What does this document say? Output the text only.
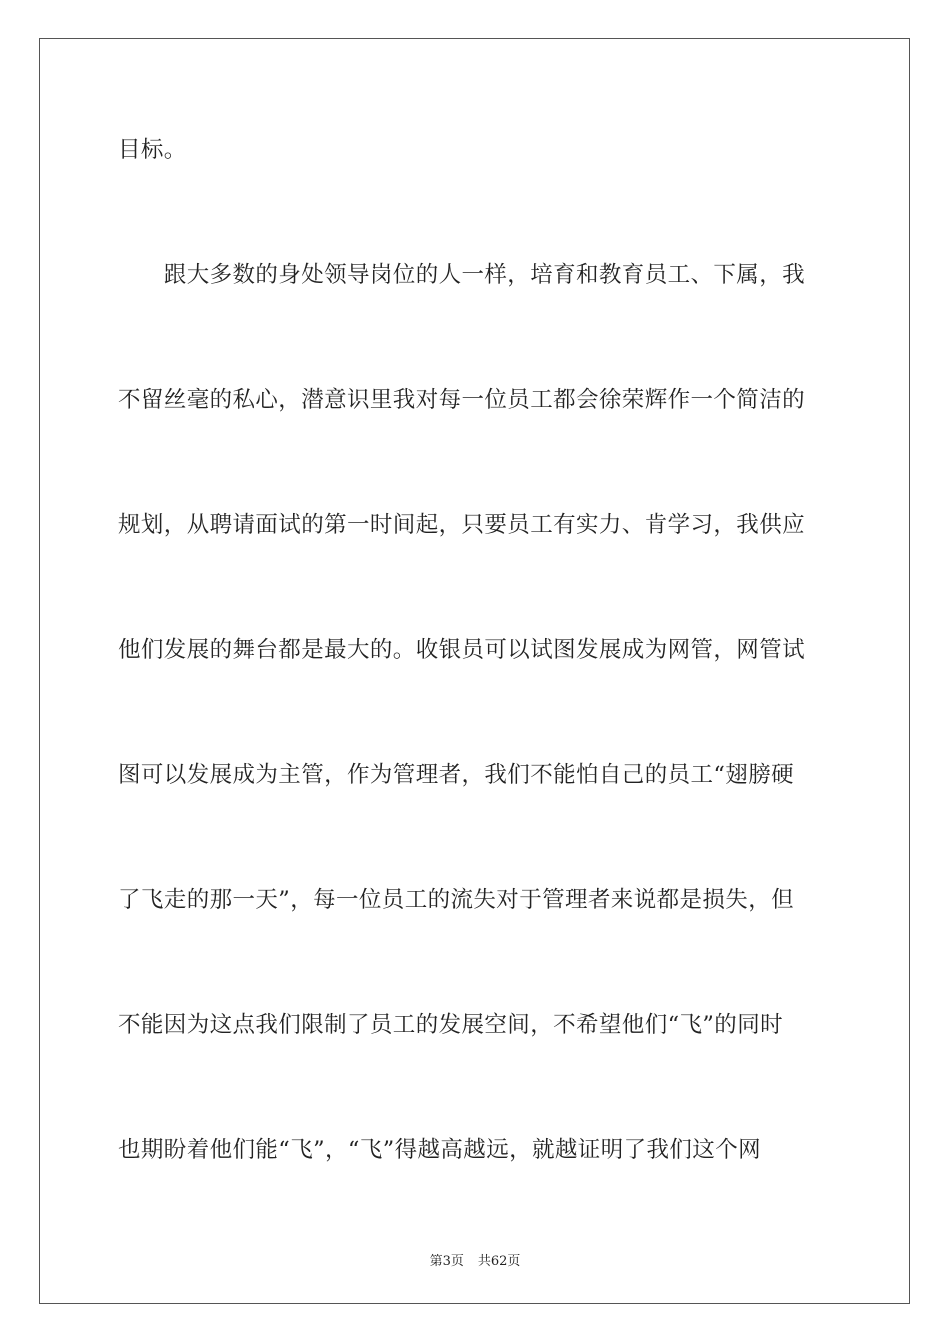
目标。
　　跟大多数的身处领导岗位的人一样，培育和教育员工、下属，我
不留丝毫的私心，潜意识里我对每一位员工都会徐荣辉作一个简洁的
规划，从聘请面试的第一时间起，只要员工有实力、肯学习，我供应
他们发展的舞台都是最大的。收银员可以试图发展成为网管，网管试
图可以发展成为主管，作为管理者，我们不能怕自己的员工“翅膀硬
了飞走的那一天”，每一位员工的流失对于管理者来说都是损失，但
不能因为这点我们限制了员工的发展空间，不希望他们“飞”的同时
也期盼着他们能“飞”，“飞”得越高越远，就越证明了我们这个网
第3页 共62页
